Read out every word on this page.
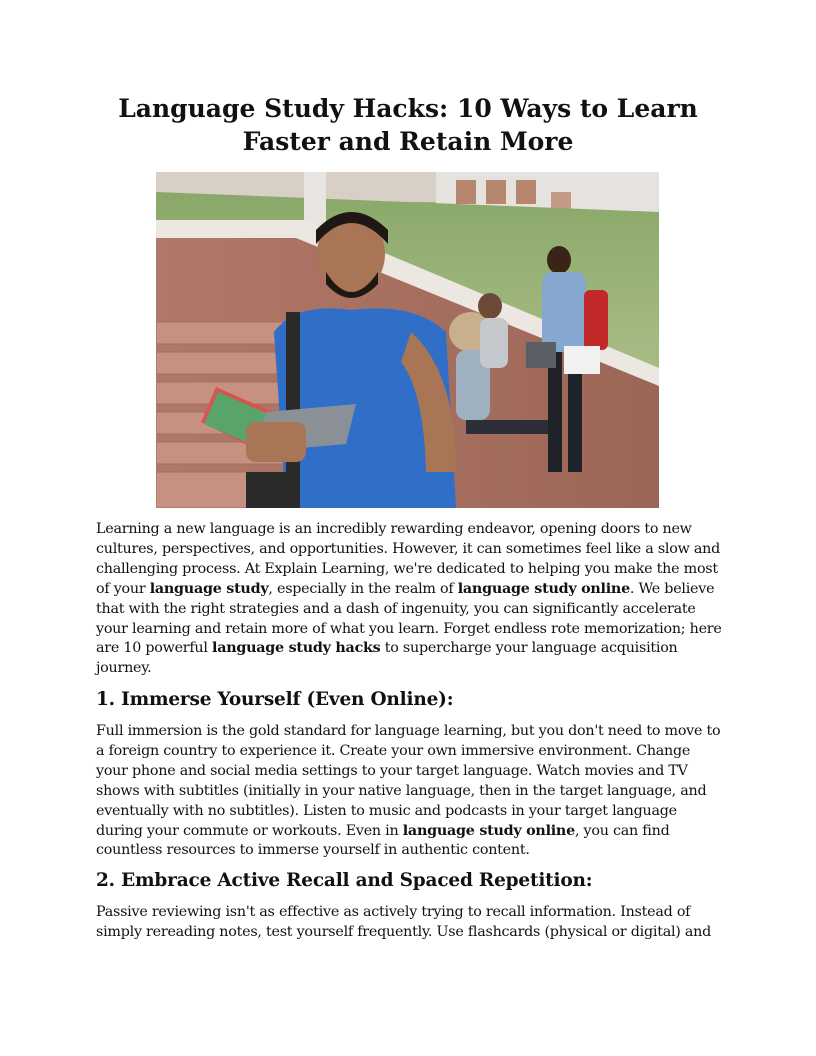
Language Study Hacks: 10 Ways to Learn
Faster and Retain More

Learning a new language is an incredibly rewarding endeavor, opening doors to new cultures, perspectives, and opportunities. However, it can sometimes feel like a slow and challenging process. At Explain Learning, we're dedicated to helping you make the most of your language study, especially in the realm of language study online. We believe that with the right strategies and a dash of ingenuity, you can significantly accelerate your learning and retain more of what you learn. Forget endless rote memorization; here are 10 powerful language study hacks to supercharge your language acquisition journey.

1. Immerse Yourself (Even Online):

Full immersion is the gold standard for language learning, but you don't need to move to a foreign country to experience it. Create your own immersive environment. Change your phone and social media settings to your target language. Watch movies and TV shows with subtitles (initially in your native language, then in the target language, and eventually with no subtitles). Listen to music and podcasts in your target language during your commute or workouts. Even in language study online, you can find countless resources to immerse yourself in authentic content.

2. Embrace Active Recall and Spaced Repetition:

Passive reviewing isn't as effective as actively trying to recall information. Instead of simply rereading notes, test yourself frequently. Use flashcards (physical or digital) and
